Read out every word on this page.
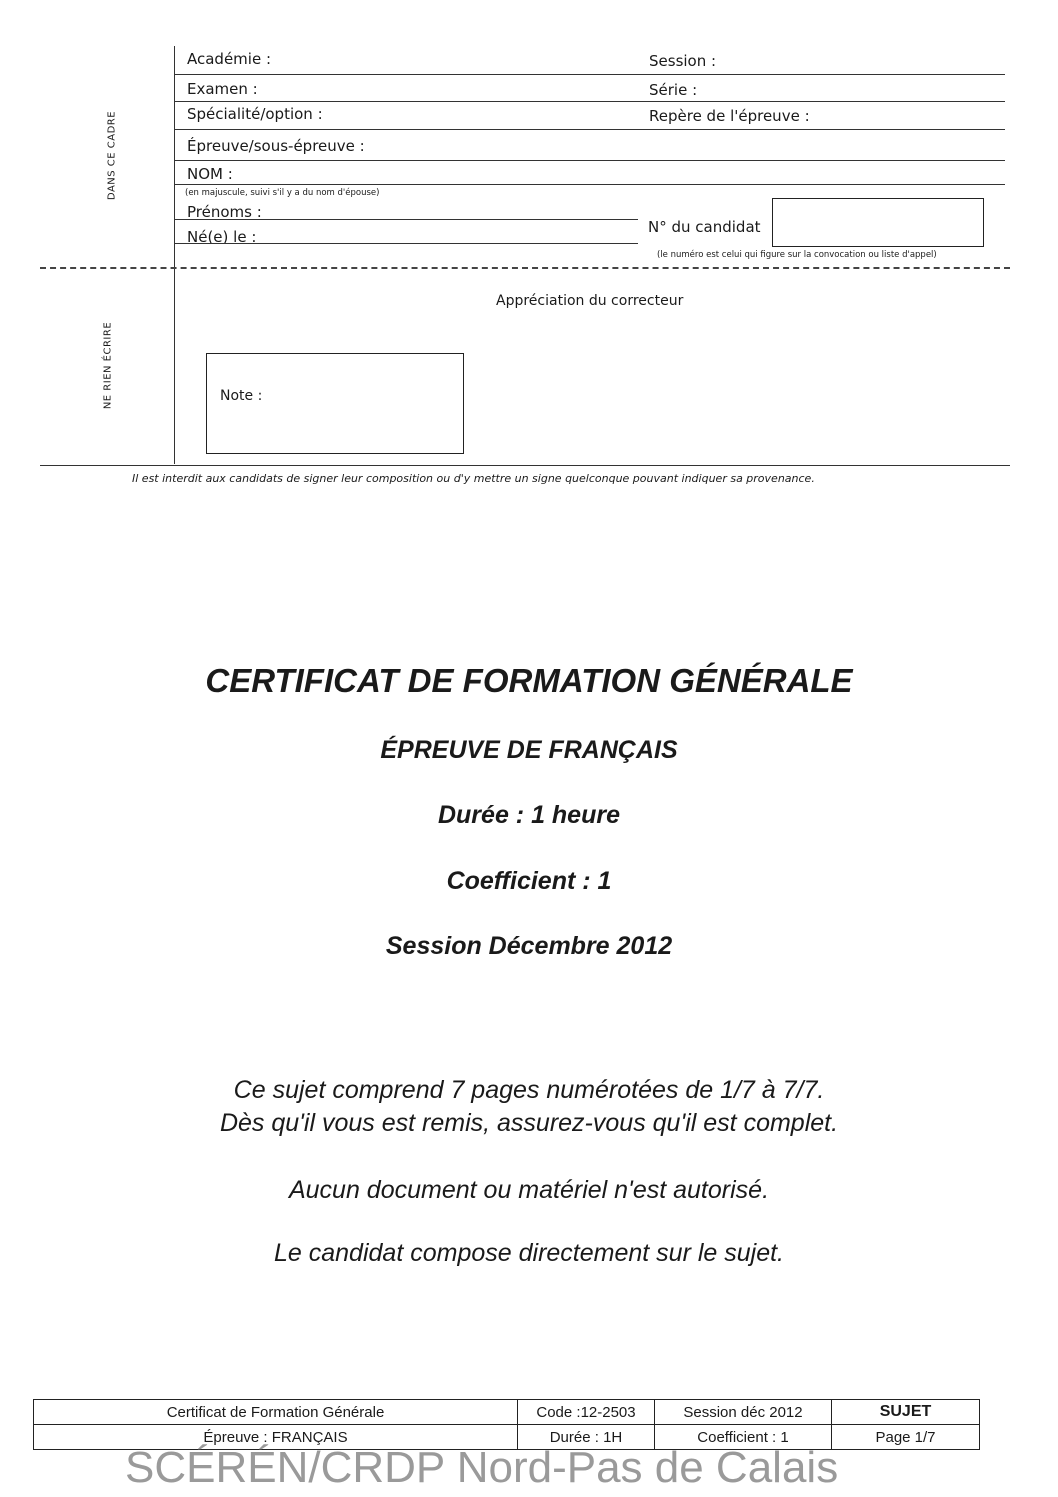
Académie :	Session :
Examen :	Série :
Spécialité/option :	Repère de l'épreuve :
Épreuve/sous-épreuve :
NOM :
(en majuscule, suivi s'il y a du nom d'épouse)
Prénoms :
Né(e) le :
N° du candidat
(le numéro est celui qui figure sur la convocation ou liste d'appel)
DANS CE CADRE
NE RIEN ÉCRIRE
Appréciation du correcteur
Note :
Il est interdit aux candidats de signer leur composition ou d'y mettre un signe quelconque pouvant indiquer sa provenance.
CERTIFICAT DE FORMATION GÉNÉRALE
ÉPREUVE DE FRANÇAIS
Durée : 1 heure
Coefficient : 1
Session Décembre 2012
Ce sujet comprend 7 pages numérotées de 1/7 à 7/7.
Dès qu'il vous est remis, assurez-vous qu'il est complet.
Aucun document ou matériel n'est autorisé.
Le candidat compose directement sur le sujet.
Certificat de Formation Générale	Code :12-2503	Session déc 2012	SUJET
Épreuve : FRANÇAIS	Durée : 1H	Coefficient : 1	Page 1/7
SCÉRÉN/CRDP Nord-Pas de Calais
